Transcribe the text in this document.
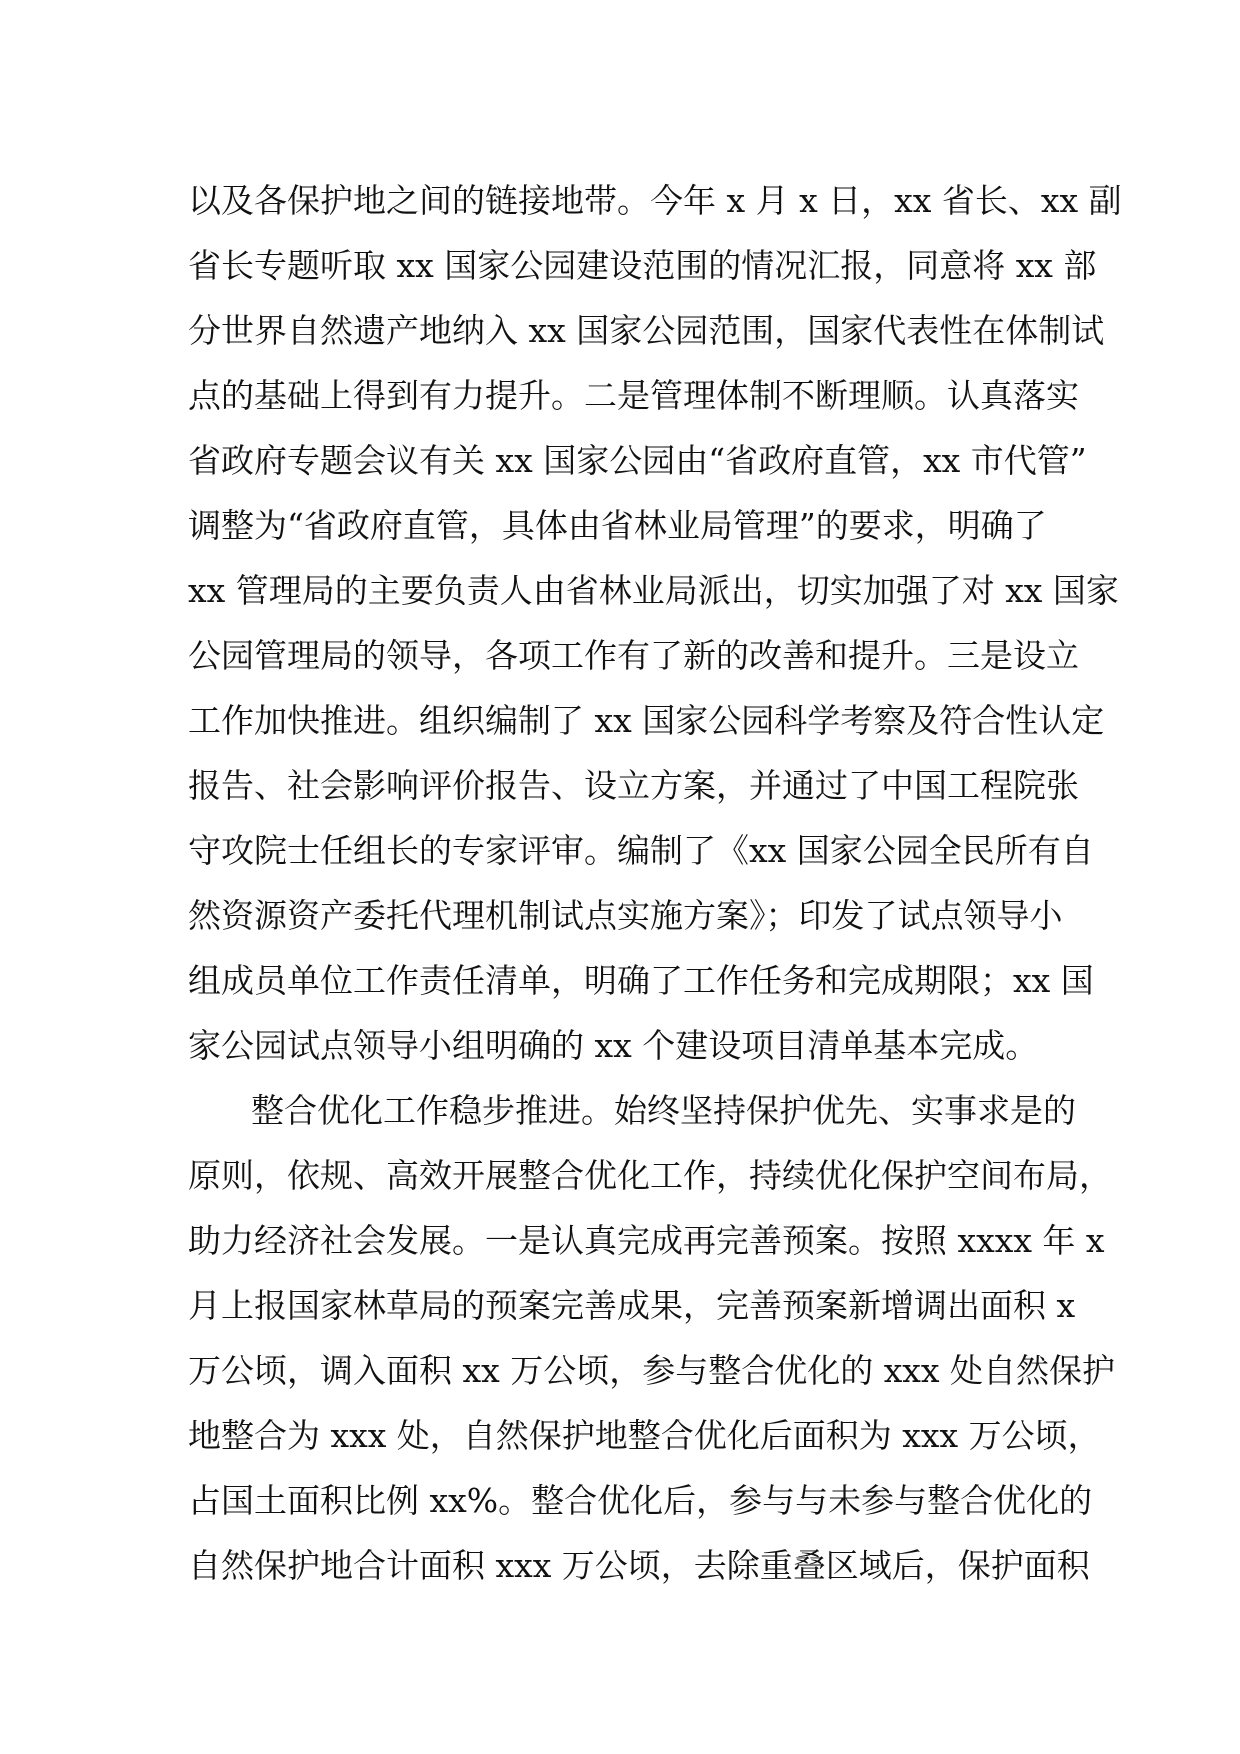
以及各保护地之间的链接地带。今年 x 月 x 日，xx 省长、xx 副
省长专题听取 xx 国家公园建设范围的情况汇报，同意将 xx 部
分世界自然遗产地纳入 xx 国家公园范围，国家代表性在体制试
点的基础上得到有力提升。二是管理体制不断理顺。认真落实
省政府专题会议有关 xx 国家公园由“省政府直管，xx 市代管”
调整为“省政府直管，具体由省林业局管理”的要求，明确了
xx 管理局的主要负责人由省林业局派出，切实加强了对 xx 国家
公园管理局的领导，各项工作有了新的改善和提升。三是设立
工作加快推进。组织编制了 xx 国家公园科学考察及符合性认定
报告、社会影响评价报告、设立方案，并通过了中国工程院张
守攻院士任组长的专家评审。编制了《xx 国家公园全民所有自
然资源资产委托代理机制试点实施方案》；印发了试点领导小
组成员单位工作责任清单，明确了工作任务和完成期限；xx 国
家公园试点领导小组明确的 xx 个建设项目清单基本完成。
整合优化工作稳步推进。始终坚持保护优先、实事求是的
原则，依规、高效开展整合优化工作，持续优化保护空间布局，
助力经济社会发展。一是认真完成再完善预案。按照 xxxx 年 x
月上报国家林草局的预案完善成果，完善预案新增调出面积 x
万公顷，调入面积 xx 万公顷，参与整合优化的 xxx 处自然保护
地整合为 xxx 处，自然保护地整合优化后面积为 xxx 万公顷，
占国土面积比例 xx%。整合优化后，参与与未参与整合优化的
自然保护地合计面积 xxx 万公顷，去除重叠区域后，保护面积
